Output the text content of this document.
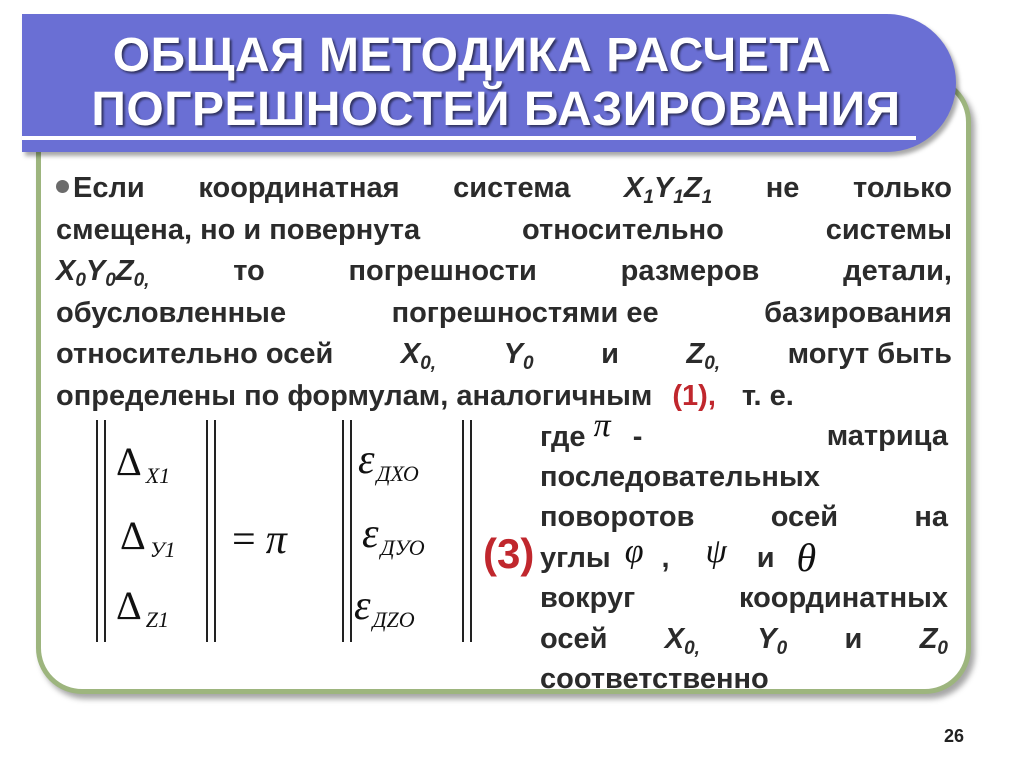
ОБЩАЯ МЕТОДИКА РАСЧЕТА
ПОГРЕШНОСТЕЙ БАЗИРОВАНИЯ
Если координатная система $X_1Y_1Z_1$ не только
смещена, но и повернута	относительно	системы
$X_0Y_0Z_{0,}$	то	погрешности	размеров	детали,
обусловленные	погрешностями ее	базирования
относительно осей $X_{0,}$ $Y_0$ и $Z_{0,}$ могут быть
определены по формулам, аналогичным (1), т. е.
Δ $_{X1}$
Δ $_{У1}$
Δ $_{Z1}$
= π
εДХО
εДУО
εДZO
(3)
где π -	матрица
последовательных
поворотов	осей	на
углы φ , ψ и θ
вокруг	координатных
осей $X_{0,}$ $Y_0$ и $Z_0$
соответственно
26
